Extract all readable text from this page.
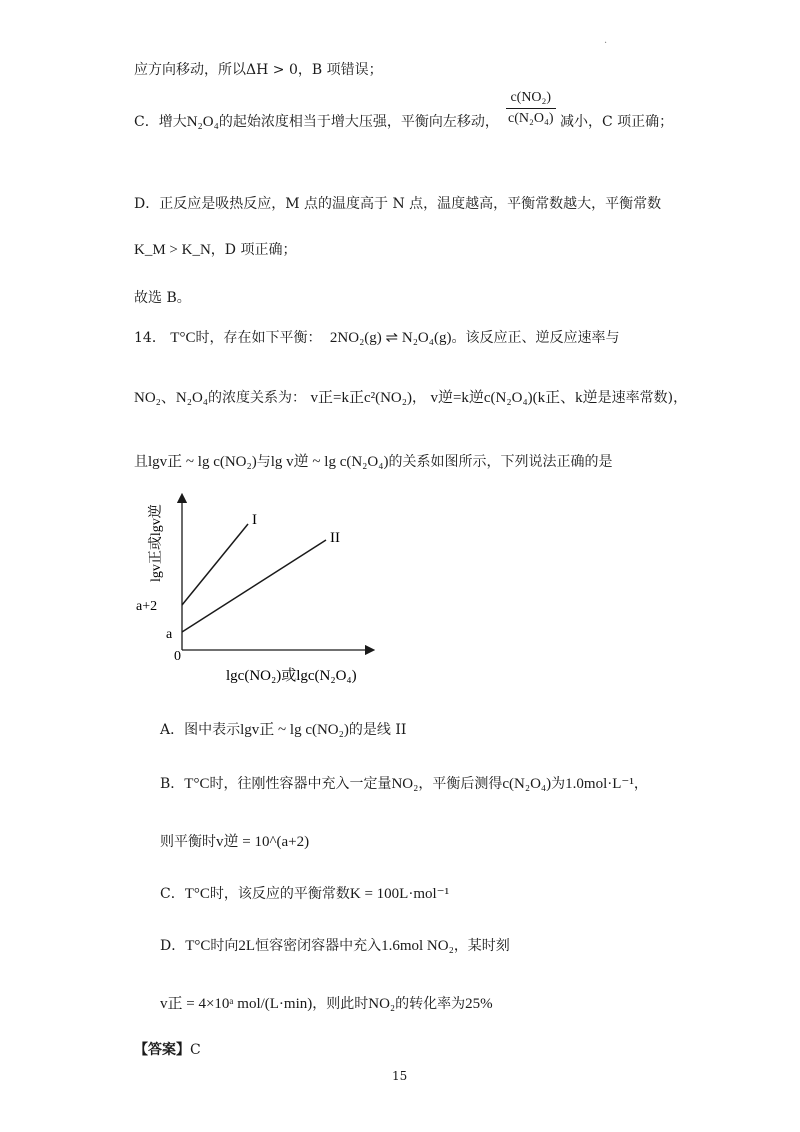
·
应方向移动，所以ΔH > 0，B 项错误；
C．增大N₂O₄的起始浓度相当于增大压强，平衡向左移动， $\frac{\text{c(NO₂)}}{\text{c(N₂O₄)}}$ 减小，C 项正确；
D．正反应是吸热反应，M 点的温度高于 N 点，温度越高，平衡常数越大，平衡常数
K_M > K_N，D 项正确；
故选 B。
14． T°C时，存在如下平衡： 2NO₂(g) ⇌ N₂O₄(g)。该反应正、逆反应速率与
NO₂、N₂O₄的浓度关系为： v正=k正c²(NO₂)， v逆=k逆c(N₂O₄)(k正、k逆是速率常数)，
且lgv正 ~ lg c(NO₂)与lg v逆 ~ lg c(N₂O₄)的关系如图所示，下列说法正确的是
I
II
a+2
a
0
lgc(NO₂)或lgc(N₂O₄)
lgv正或lgv逆
A．图中表示lgv正 ~ lg c(NO₂)的是线 II
B．T°C时，往刚性容器中充入一定量NO₂，平衡后测得c(N₂O₄)为1.0mol·L⁻¹，
则平衡时v逆 = 10^(a+2)
C．T°C时，该反应的平衡常数K = 100L·mol⁻¹
D．T°C时向2L恒容密闭容器中充入1.6mol NO₂，某时刻
v正 = 4×10ᵃ mol/(L·min)，则此时NO₂的转化率为25%
【答案】C
15
